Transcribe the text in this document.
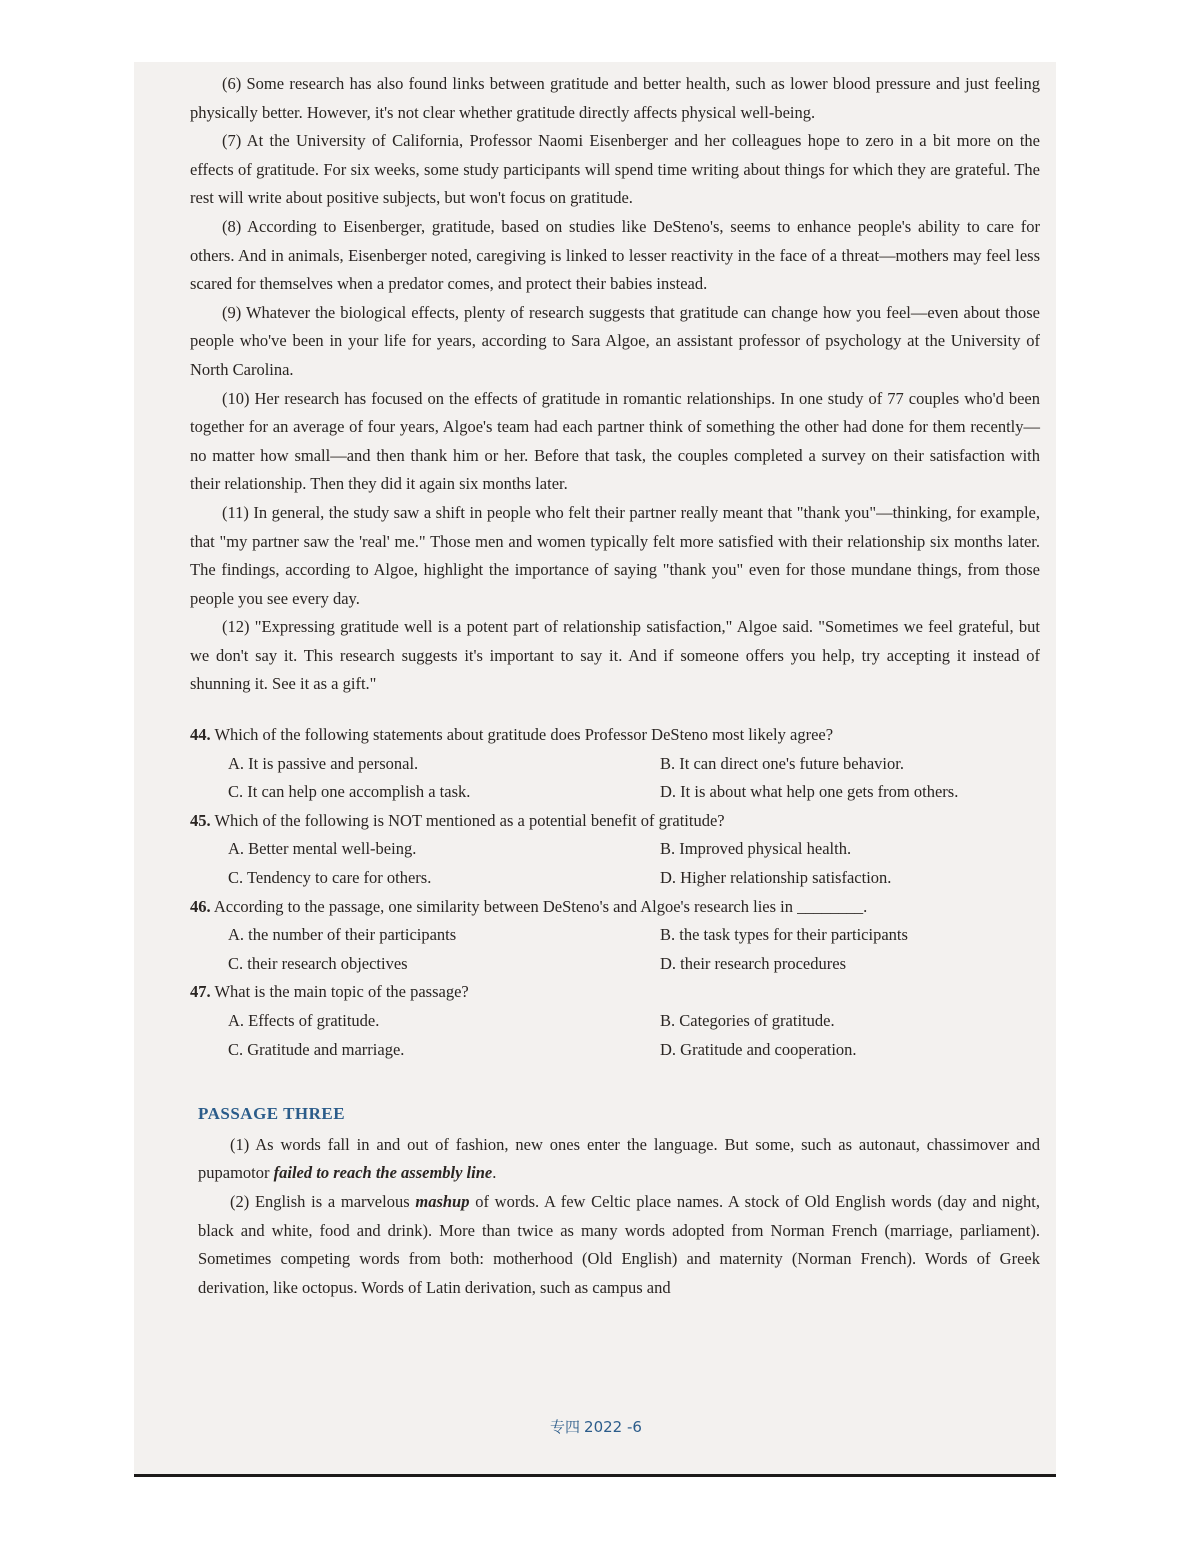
(6) Some research has also found links between gratitude and better health, such as lower blood pressure and just feeling physically better. However, it's not clear whether gratitude directly affects physical well-being.

(7) At the University of California, Professor Naomi Eisenberger and her colleagues hope to zero in a bit more on the effects of gratitude. For six weeks, some study participants will spend time writing about things for which they are grateful. The rest will write about positive subjects, but won't focus on gratitude.

(8) According to Eisenberger, gratitude, based on studies like DeSteno's, seems to enhance people's ability to care for others. And in animals, Eisenberger noted, caregiving is linked to lesser reactivity in the face of a threat—mothers may feel less scared for themselves when a predator comes, and protect their babies instead.

(9) Whatever the biological effects, plenty of research suggests that gratitude can change how you feel—even about those people who've been in your life for years, according to Sara Algoe, an assistant professor of psychology at the University of North Carolina.

(10) Her research has focused on the effects of gratitude in romantic relationships. In one study of 77 couples who'd been together for an average of four years, Algoe's team had each partner think of something the other had done for them recently—no matter how small—and then thank him or her. Before that task, the couples completed a survey on their satisfaction with their relationship. Then they did it again six months later.

(11) In general, the study saw a shift in people who felt their partner really meant that "thank you"—thinking, for example, that "my partner saw the 'real' me." Those men and women typically felt more satisfied with their relationship six months later. The findings, according to Algoe, highlight the importance of saying "thank you" even for those mundane things, from those people you see every day.

(12) "Expressing gratitude well is a potent part of relationship satisfaction," Algoe said. "Sometimes we feel grateful, but we don't say it. This research suggests it's important to say it. And if someone offers you help, try accepting it instead of shunning it. See it as a gift."

44. Which of the following statements about gratitude does Professor DeSteno most likely agree?

A. It is passive and personal.	B. It can direct one's future behavior.

C. It can help one accomplish a task.	D. It is about what help one gets from others.

45. Which of the following is NOT mentioned as a potential benefit of gratitude?

A. Better mental well-being.	B. Improved physical health.

C. Tendency to care for others.	D. Higher relationship satisfaction.

46. According to the passage, one similarity between DeSteno's and Algoe's research lies in ________.

A. the number of their participants	B. the task types for their participants

C. their research objectives	D. their research procedures

47. What is the main topic of the passage?

A. Effects of gratitude.	B. Categories of gratitude.

C. Gratitude and marriage.	D. Gratitude and cooperation.

PASSAGE THREE

(1) As words fall in and out of fashion, new ones enter the language. But some, such as autonaut, chassimover and pupamotor failed to reach the assembly line.

(2) English is a marvelous mashup of words. A few Celtic place names. A stock of Old English words (day and night, black and white, food and drink). More than twice as many words adopted from Norman French (marriage, parliament). Sometimes competing words from both: motherhood (Old English) and maternity (Norman French). Words of Greek derivation, like octopus. Words of Latin derivation, such as campus and

专四 2022 -6
